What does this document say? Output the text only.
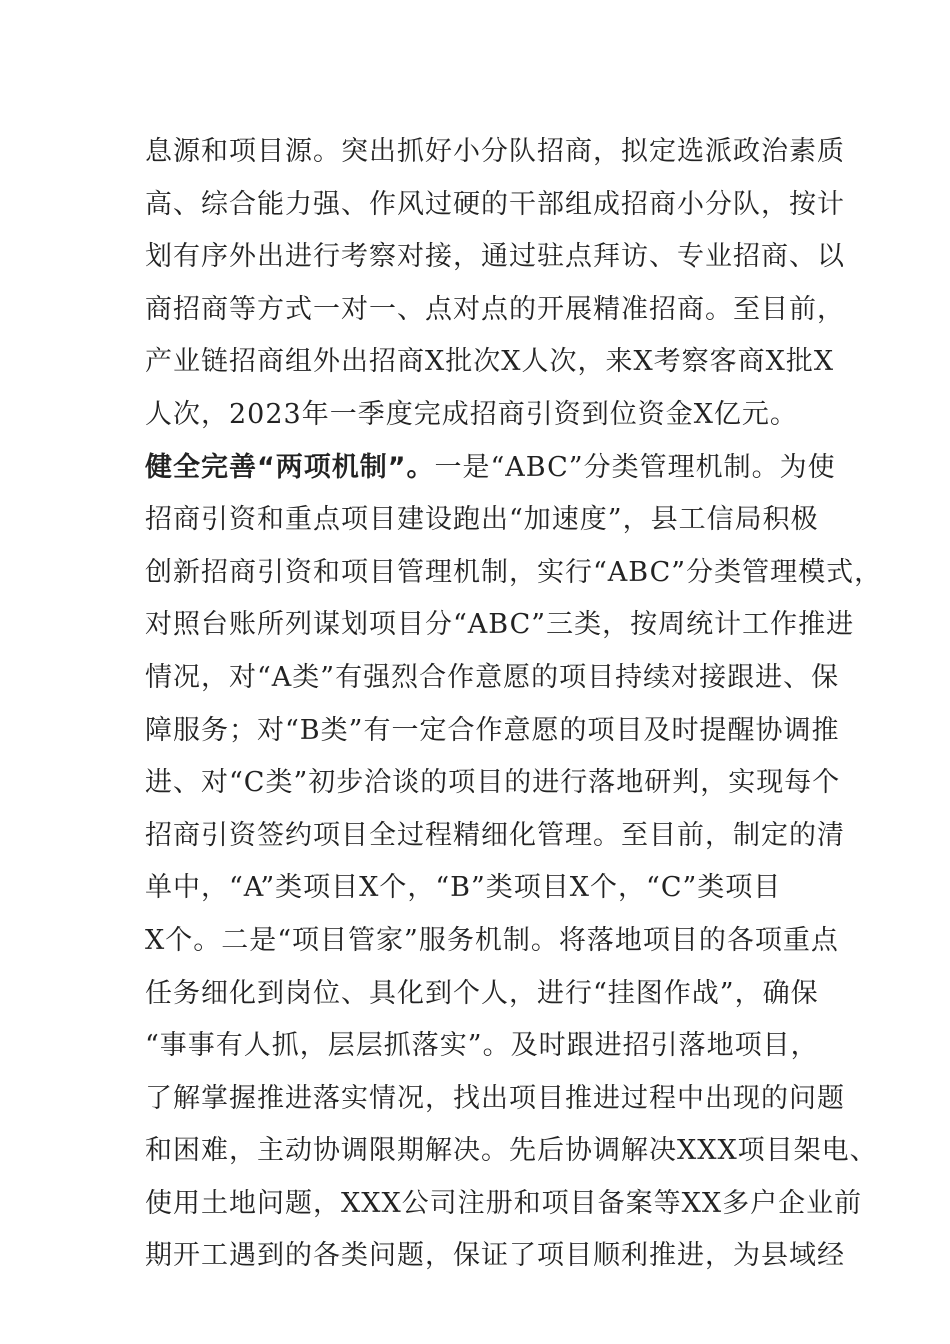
息源和项目源。突出抓好小分队招商，拟定选派政治素质
高、综合能力强、作风过硬的干部组成招商小分队，按计
划有序外出进行考察对接，通过驻点拜访、专业招商、以
商招商等方式一对一、点对点的开展精准招商。至目前，
产业链招商组外出招商X批次X人次，来X考察客商X批X
人次，2023年一季度完成招商引资到位资金X亿元。
健全完善“两项机制”。一是“ABC”分类管理机制。为使
招商引资和重点项目建设跑出“加速度”，县工信局积极
创新招商引资和项目管理机制，实行“ABC”分类管理模式，
对照台账所列谋划项目分“ABC”三类，按周统计工作推进
情况，对“A类”有强烈合作意愿的项目持续对接跟进、保
障服务；对“B类”有一定合作意愿的项目及时提醒协调推
进、对“C类”初步洽谈的项目的进行落地研判，实现每个
招商引资签约项目全过程精细化管理。至目前，制定的清
单中，“A”类项目X个，“B”类项目X个，“C”类项目
X个。二是“项目管家”服务机制。将落地项目的各项重点
任务细化到岗位、具化到个人，进行“挂图作战”，确保
“事事有人抓，层层抓落实”。及时跟进招引落地项目，
了解掌握推进落实情况，找出项目推进过程中出现的问题
和困难，主动协调限期解决。先后协调解决XXX项目架电、
使用土地问题，XXX公司注册和项目备案等XX多户企业前
期开工遇到的各类问题，保证了项目顺利推进，为县域经
